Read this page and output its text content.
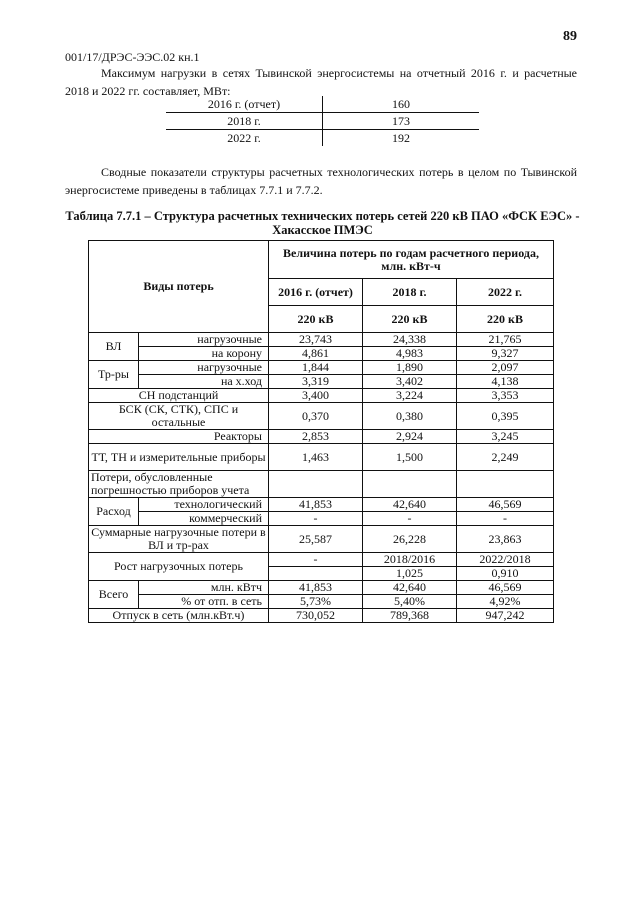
89
001/17/ДРЭС-ЭЭС.02 кн.1
Максимум нагрузки в сетях Тывинской энергосистемы на отчетный 2016 г. и расчетные 2018 и 2022 гг. составляет, МВт:
2016 г. (отчет)	160
2018 г.	173
2022 г.	192
Сводные показатели структуры расчетных технологических потерь в целом по Тывинской энергосистеме приведены в таблицах 7.7.1 и 7.7.2.
Таблица 7.7.1 – Структура расчетных технических потерь сетей 220 кВ ПАО «ФСК ЕЭС» - Хакасское ПМЭС
Виды потерь		Величина потерь по годам расчетного периода, млн. кВт-ч		
		2016 г. (отчет)	2018 г.	2022 г.
		220 кВ	220 кВ	220 кВ
ВЛ	нагрузочные	23,743	24,338	21,765
	на корону	4,861	4,983	9,327
Тр-ры	нагрузочные	1,844	1,890	2,097
	на х.ход	3,319	3,402	4,138
СН подстанций		3,400	3,224	3,353
БСК (СК, СТК), СПС и остальные		0,370	0,380	0,395
Реакторы		2,853	2,924	3,245
ТТ, ТН и измерительные приборы		1,463	1,500	2,249
Потери, обусловленные погрешностью приборов учета				
Расход	технологический	41,853	42,640	46,569
	коммерческий	-	-	-
Суммарные нагрузочные потери в ВЛ и тр-рах		25,587	26,228	23,863
Рост нагрузочных потерь		-	2018/2016	2022/2018
			1,025	0,910
Всего	млн. кВтч	41,853	42,640	46,569
	% от отп. в сеть	5,73%	5,40%	4,92%
Отпуск в сеть (млн.кВт.ч)		730,052	789,368	947,242
